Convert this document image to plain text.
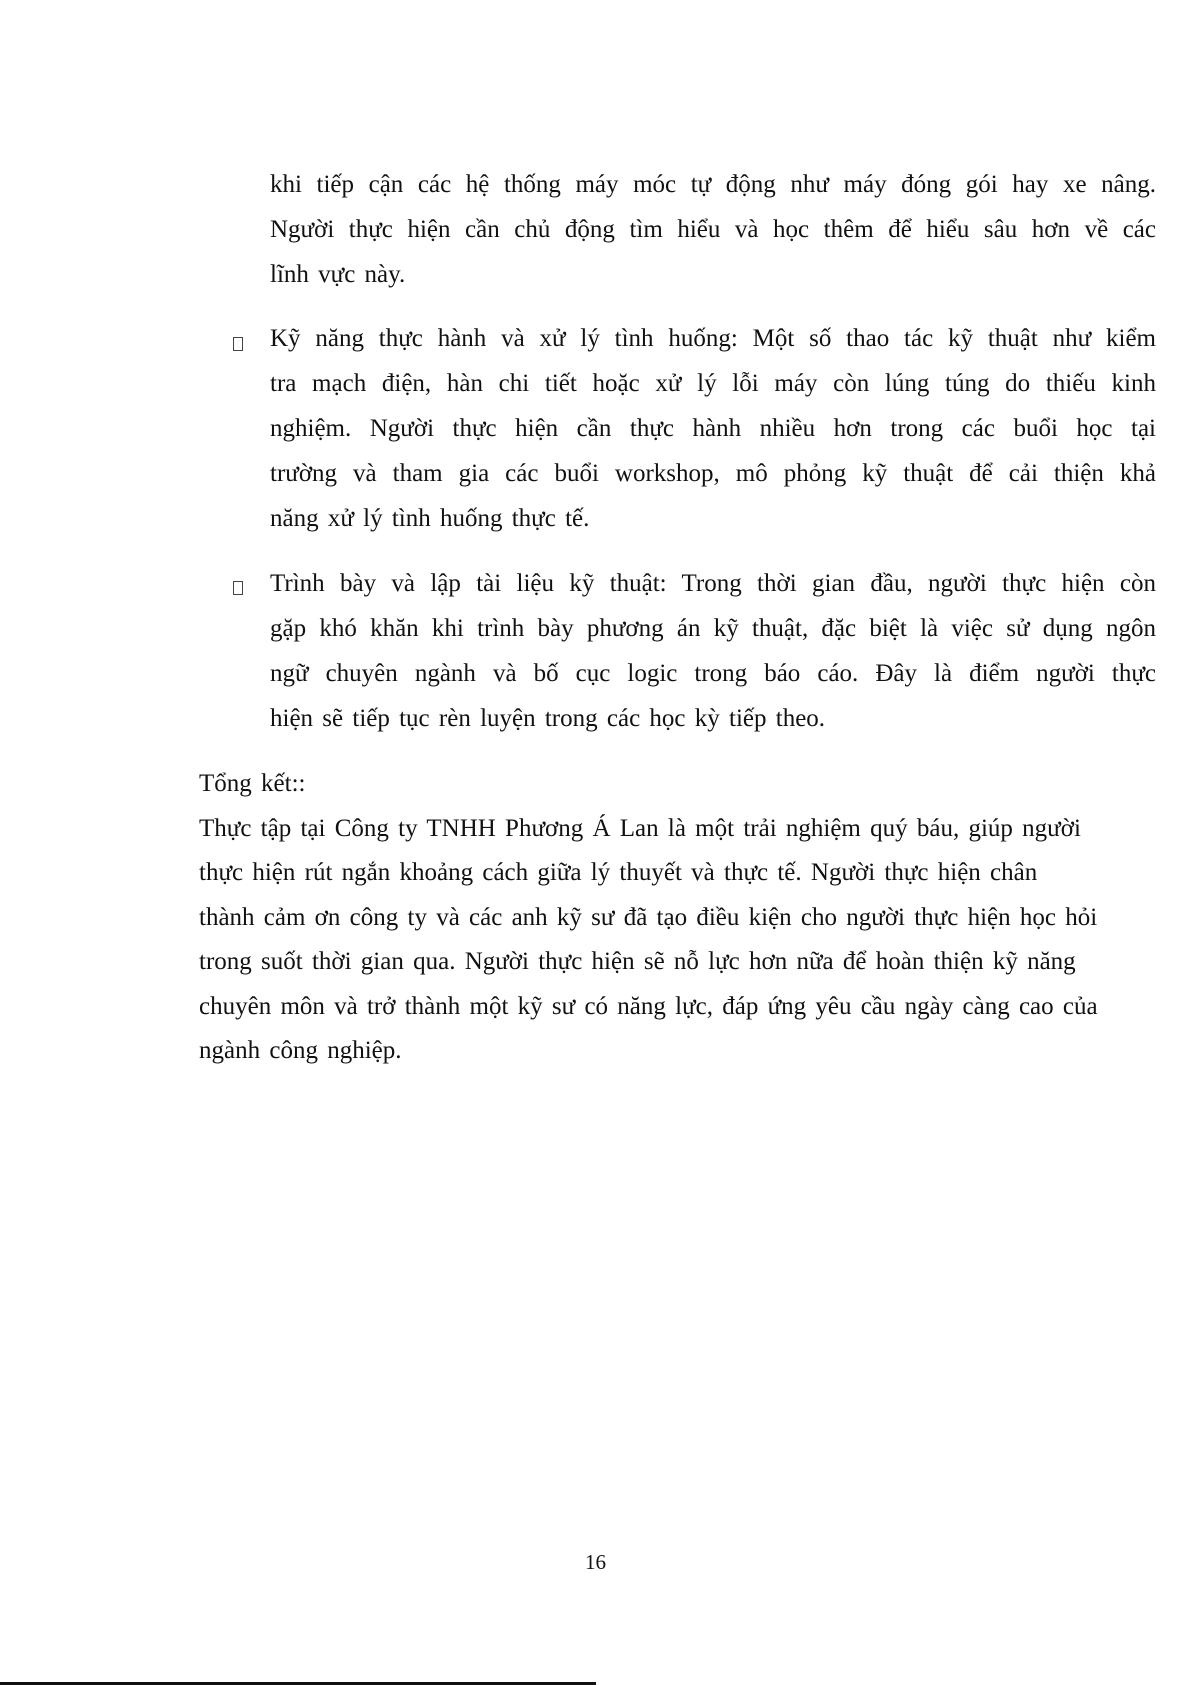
khi tiếp cận các hệ thống máy móc tự động như máy đóng gói hay xe nâng.
Người thực hiện cần chủ động tìm hiểu và học thêm để hiểu sâu hơn về các
lĩnh vực này.
Kỹ năng thực hành và xử lý tình huống: Một số thao tác kỹ thuật như kiểm
tra mạch điện, hàn chi tiết hoặc xử lý lỗi máy còn lúng túng do thiếu kinh
nghiệm. Người thực hiện cần thực hành nhiều hơn trong các buổi học tại
trường và tham gia các buổi workshop, mô phỏng kỹ thuật để cải thiện khả
năng xử lý tình huống thực tế.
Trình bày và lập tài liệu kỹ thuật: Trong thời gian đầu, người thực hiện còn
gặp khó khăn khi trình bày phương án kỹ thuật, đặc biệt là việc sử dụng ngôn
ngữ chuyên ngành và bố cục logic trong báo cáo. Đây là điểm người thực
hiện sẽ tiếp tục rèn luyện trong các học kỳ tiếp theo.
Tổng kết::
Thực tập tại Công ty TNHH Phương Á Lan là một trải nghiệm quý báu, giúp người
thực hiện rút ngắn khoảng cách giữa lý thuyết và thực tế. Người thực hiện chân
thành cảm ơn công ty và các anh kỹ sư đã tạo điều kiện cho người thực hiện học hỏi
trong suốt thời gian qua. Người thực hiện sẽ nỗ lực hơn nữa để hoàn thiện kỹ năng
chuyên môn và trở thành một kỹ sư có năng lực, đáp ứng yêu cầu ngày càng cao của
ngành công nghiệp.
16
